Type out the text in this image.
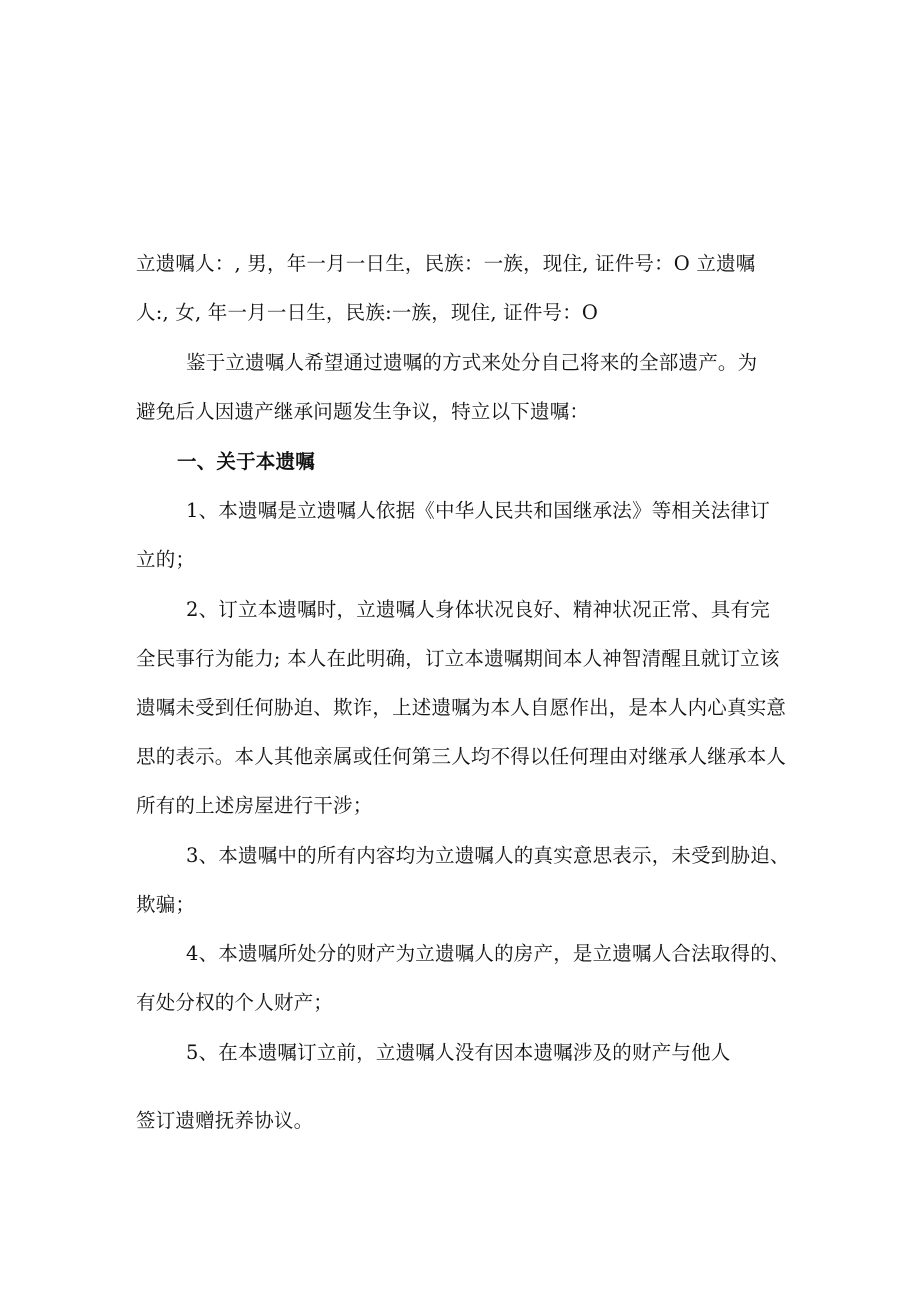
立遗嘱人：, 男，年一月一日生，民族：一族，现住, 证件号：O 立遗嘱
人:, 女, 年一月一日生，民族:一族，现住, 证件号：O
鉴于立遗嘱人希望通过遗嘱的方式来处分自己将来的全部遗产。为
避免后人因遗产继承问题发生争议，特立以下遗嘱：
一、关于本遗嘱
1、本遗嘱是立遗嘱人依据《中华人民共和国继承法》等相关法律订
立的；
2、订立本遗嘱时，立遗嘱人身体状况良好、精神状况正常、具有完
全民事行为能力; 本人在此明确，订立本遗嘱期间本人神智清醒且就订立该
遗嘱未受到任何胁迫、欺诈，上述遗嘱为本人自愿作出，是本人内心真实意
思的表示。本人其他亲属或任何第三人均不得以任何理由对继承人继承本人
所有的上述房屋进行干涉；
3、本遗嘱中的所有内容均为立遗嘱人的真实意思表示，未受到胁迫、
欺骗；
4、本遗嘱所处分的财产为立遗嘱人的房产，是立遗嘱人合法取得的、
有处分权的个人财产；
5、在本遗嘱订立前，立遗嘱人没有因本遗嘱涉及的财产与他人
签订遗赠抚养协议。
